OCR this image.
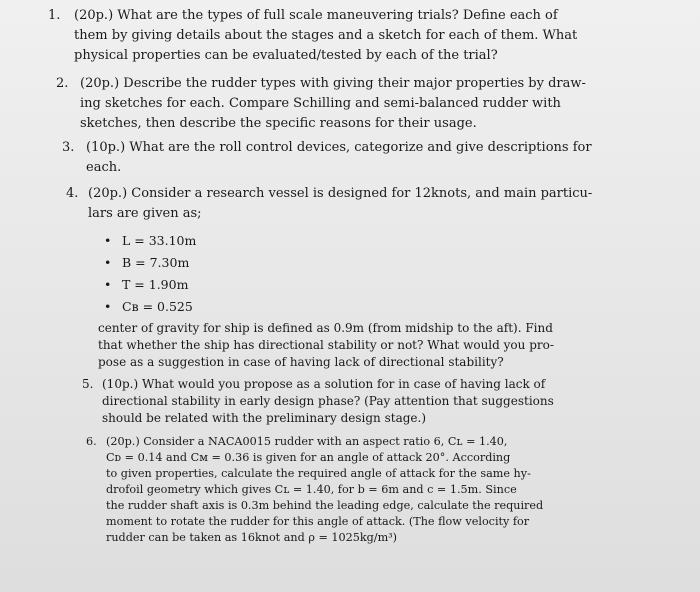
1. (20p.) What are the types of full scale maneuvering trials? Define each of
them by giving details about the stages and a sketch for each of them. What
physical properties can be evaluated/tested by each of the trial?
2. (20p.) Describe the rudder types with giving their major properties by draw-
ing sketches for each. Compare Schilling and semi-balanced rudder with
sketches, then describe the specific reasons for their usage.
3. (10p.) What are the roll control devices, categorize and give descriptions for
each.
4. (20p.) Consider a research vessel is designed for 12knots, and main particu-
lars are given as;
• L = 33.10m
• B = 7.30m
• T = 1.90m
• Cʙ = 0.525
center of gravity for ship is defined as 0.9m (from midship to the aft). Find
that whether the ship has directional stability or not? What would you pro-
pose as a suggestion in case of having lack of directional stability?
5. (10p.) What would you propose as a solution for in case of having lack of
directional stability in early design phase? (Pay attention that suggestions
should be related with the preliminary design stage.)
6. (20p.) Consider a NACA0015 rudder with an aspect ratio 6, Cʟ = 1.40,
Cᴅ = 0.14 and Cᴍ = 0.36 is given for an angle of attack 20°. According
to given properties, calculate the required angle of attack for the same hy-
drofoil geometry which gives Cʟ = 1.40, for b = 6m and c = 1.5m. Since
the rudder shaft axis is 0.3m behind the leading edge, calculate the required
moment to rotate the rudder for this angle of attack. (The flow velocity for
rudder can be taken as 16knot and ρ = 1025kg/m³)
